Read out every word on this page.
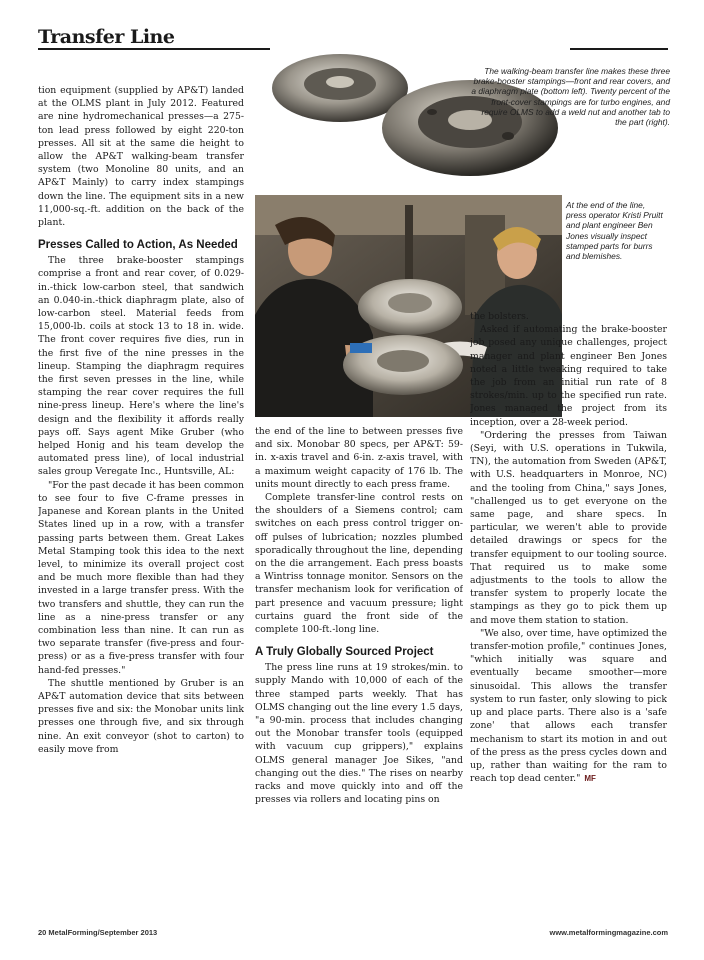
Transfer Line
The walking-beam transfer line makes these three brake-booster stampings—front and rear covers, and a diaphragm plate (bottom left). Twenty percent of the front-cover stampings are for turbo engines, and require OLMS to add a weld nut and another tab to the part (right).
At the end of the line, press operator Kristi Pruitt and plant engineer Ben Jones visually inspect stamped parts for burrs and blemishes.

tion equipment (supplied by AP&T) landed at the OLMS plant in July 2012. Featured are nine hydromechanical presses—a 275-ton lead press followed by eight 220-ton presses. All sit at the same die height to allow the AP&T walking-beam transfer system (two Monoline 80 units, and an AP&T Mainly) to carry index stampings down the line. The equipment sits in a new 11,000-sq.-ft. addition on the back of the plant.

Presses Called to Action, As Needed

The three brake-booster stampings comprise a front and rear cover, of 0.029-in.-thick low-carbon steel, that sandwich an 0.040-in.-thick diaphragm plate, also of low-carbon steel. Material feeds from 15,000-lb. coils at stock 13 to 18 in. wide. The front cover requires five dies, run in the first five of the nine presses in the lineup. Stamping the diaphragm requires the first seven presses in the line, while stamping the rear cover requires the full nine-press lineup. Here's where the line's design and the flexibility it affords really pays off. Says agent Mike Gruber (who helped Honig and his team develop the automated press line), of local industrial sales group Veregate Inc., Huntsville, AL:

"For the past decade it has been common to see four to five C-frame presses in Japanese and Korean plants in the United States lined up in a row, with a transfer passing parts between them. Great Lakes Metal Stamping took this idea to the next level, to minimize its overall project cost and be much more flexible than had they invested in a large transfer press. With the two transfers and shuttle, they can run the line as a nine-press transfer or any combination less than nine. It can run as two separate transfer (five-press and four-press) or as a five-press transfer with four hand-fed presses."

The shuttle mentioned by Gruber is an AP&T automation device that sits between presses five and six: the Monobar units link presses one through five, and six through nine. An exit conveyor (shot to carton) to easily move from

the end of the line to between presses five and six. Monobar 80 specs, per AP&T: 59-in. x-axis travel and 6-in. z-axis travel, with a maximum weight capacity of 176 lb. The units mount directly to each press frame.

Complete transfer-line control rests on the shoulders of a Siemens control; cam switches on each press control trigger on-off pulses of lubrication; nozzles plumbed sporadically throughout the line, depending on the die arrangement. Each press boasts a Wintriss tonnage monitor. Sensors on the transfer mechanism look for verification of part presence and vacuum pressure; light curtains guard the front side of the complete 100-ft.-long line.

A Truly Globally Sourced Project

The press line runs at 19 strokes/min. to supply Mando with 10,000 of each of the three stamped parts weekly. That has OLMS changing out the line every 1.5 days, "a 90-min. process that includes changing out the Monobar transfer tools (equipped with vacuum cup grippers)," explains OLMS general manager Joe Sikes, "and changing out the dies." The rises on nearby racks and move quickly into and off the presses via rollers and locating pins on

the bolsters.

Asked if automating the brake-booster job posed any unique challenges, project manager and plant engineer Ben Jones noted a little tweaking required to take the job from an initial run rate of 8 strokes/min. up to the specified run rate. Jones managed the project from its inception, over a 28-week period.

"Ordering the presses from Taiwan (Seyi, with U.S. operations in Tukwila, TN), the automation from Sweden (AP&T, with U.S. headquarters in Monroe, NC) and the tooling from China," says Jones, "challenged us to get everyone on the same page, and share specs. In particular, we weren't able to provide detailed drawings or specs for the transfer equipment to our tooling source. That required us to make some adjustments to the tools to allow the transfer system to properly locate the stampings as they go to pick them up and move them station to station.

"We also, over time, have optimized the transfer-motion profile," continues Jones, "which initially was square and eventually became smoother—more sinusoidal. This allows the transfer system to run faster, only slowing to pick up and place parts. There also is a 'safe zone' that allows each transfer mechanism to start its motion in and out of the press as the press cycles down and up, rather than waiting for the ram to reach top dead center." MF

20 MetalForming/September 2013	www.metalformingmagazine.com
